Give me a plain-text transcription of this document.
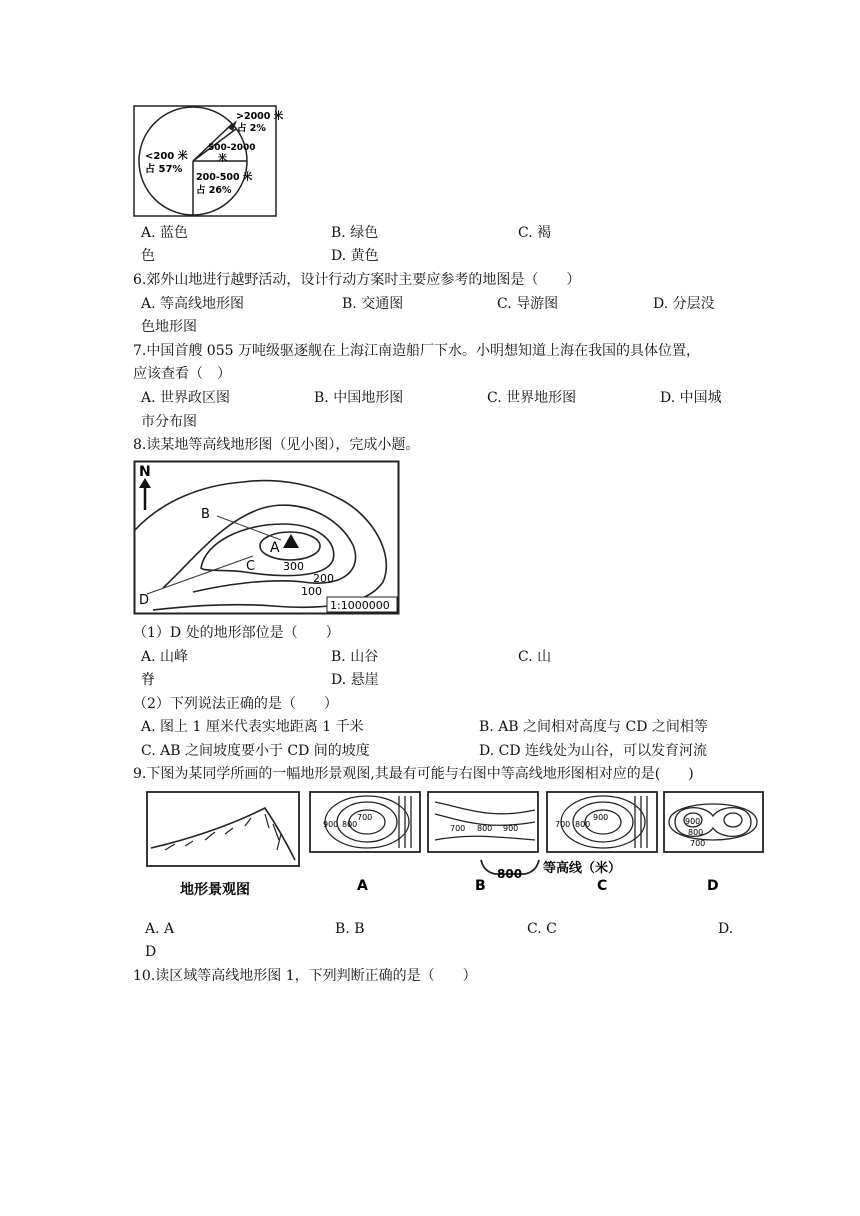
>2000 米
占 2%
500-2000
米
<200 米
占 57%
200-500 米
占 26%
A. 蓝色	B. 绿色	C. 褐
色	D. 黄色
6.郊外山地进行越野活动，设计行动方案时主要应参考的地图是（　　）
A. 等高线地形图	B. 交通图	C. 导游图	D. 分层没
色地形图
7.中国首艘 055 万吨级驱逐舰在上海江南造船厂下水。小明想知道上海在我国的具体位置，
应该查看（　）
A. 世界政区图	B. 中国地形图	C. 世界地形图	D. 中国城
市分布图
8.读某地等高线地形图（见小图），完成小题。
N
A
B
C
D
300
200
100
1:1000000
（1）D 处的地形部位是（　　）
A. 山峰	B. 山谷	C. 山
脊	D. 悬崖
（2）下列说法正确的是（　　）
A. 图上 1 厘米代表实地距离 1 千米	B. AB 之间相对高度与 CD 之间相等
C. AB 之间坡度要小于 CD 间的坡度	D. CD 连线处为山谷，可以发育河流
9.下图为某同学所画的一幅地形景观图,其最有可能与右图中等高线地形图相对应的是(　　)
地形景观图
900 800
700
A
700 800 900
B
700 800
900
C
900
800
700
D
800 等高线（米）
A. A	B. B	C. C	D.
D
10.读区域等高线地形图 1，下列判断正确的是（　　）
